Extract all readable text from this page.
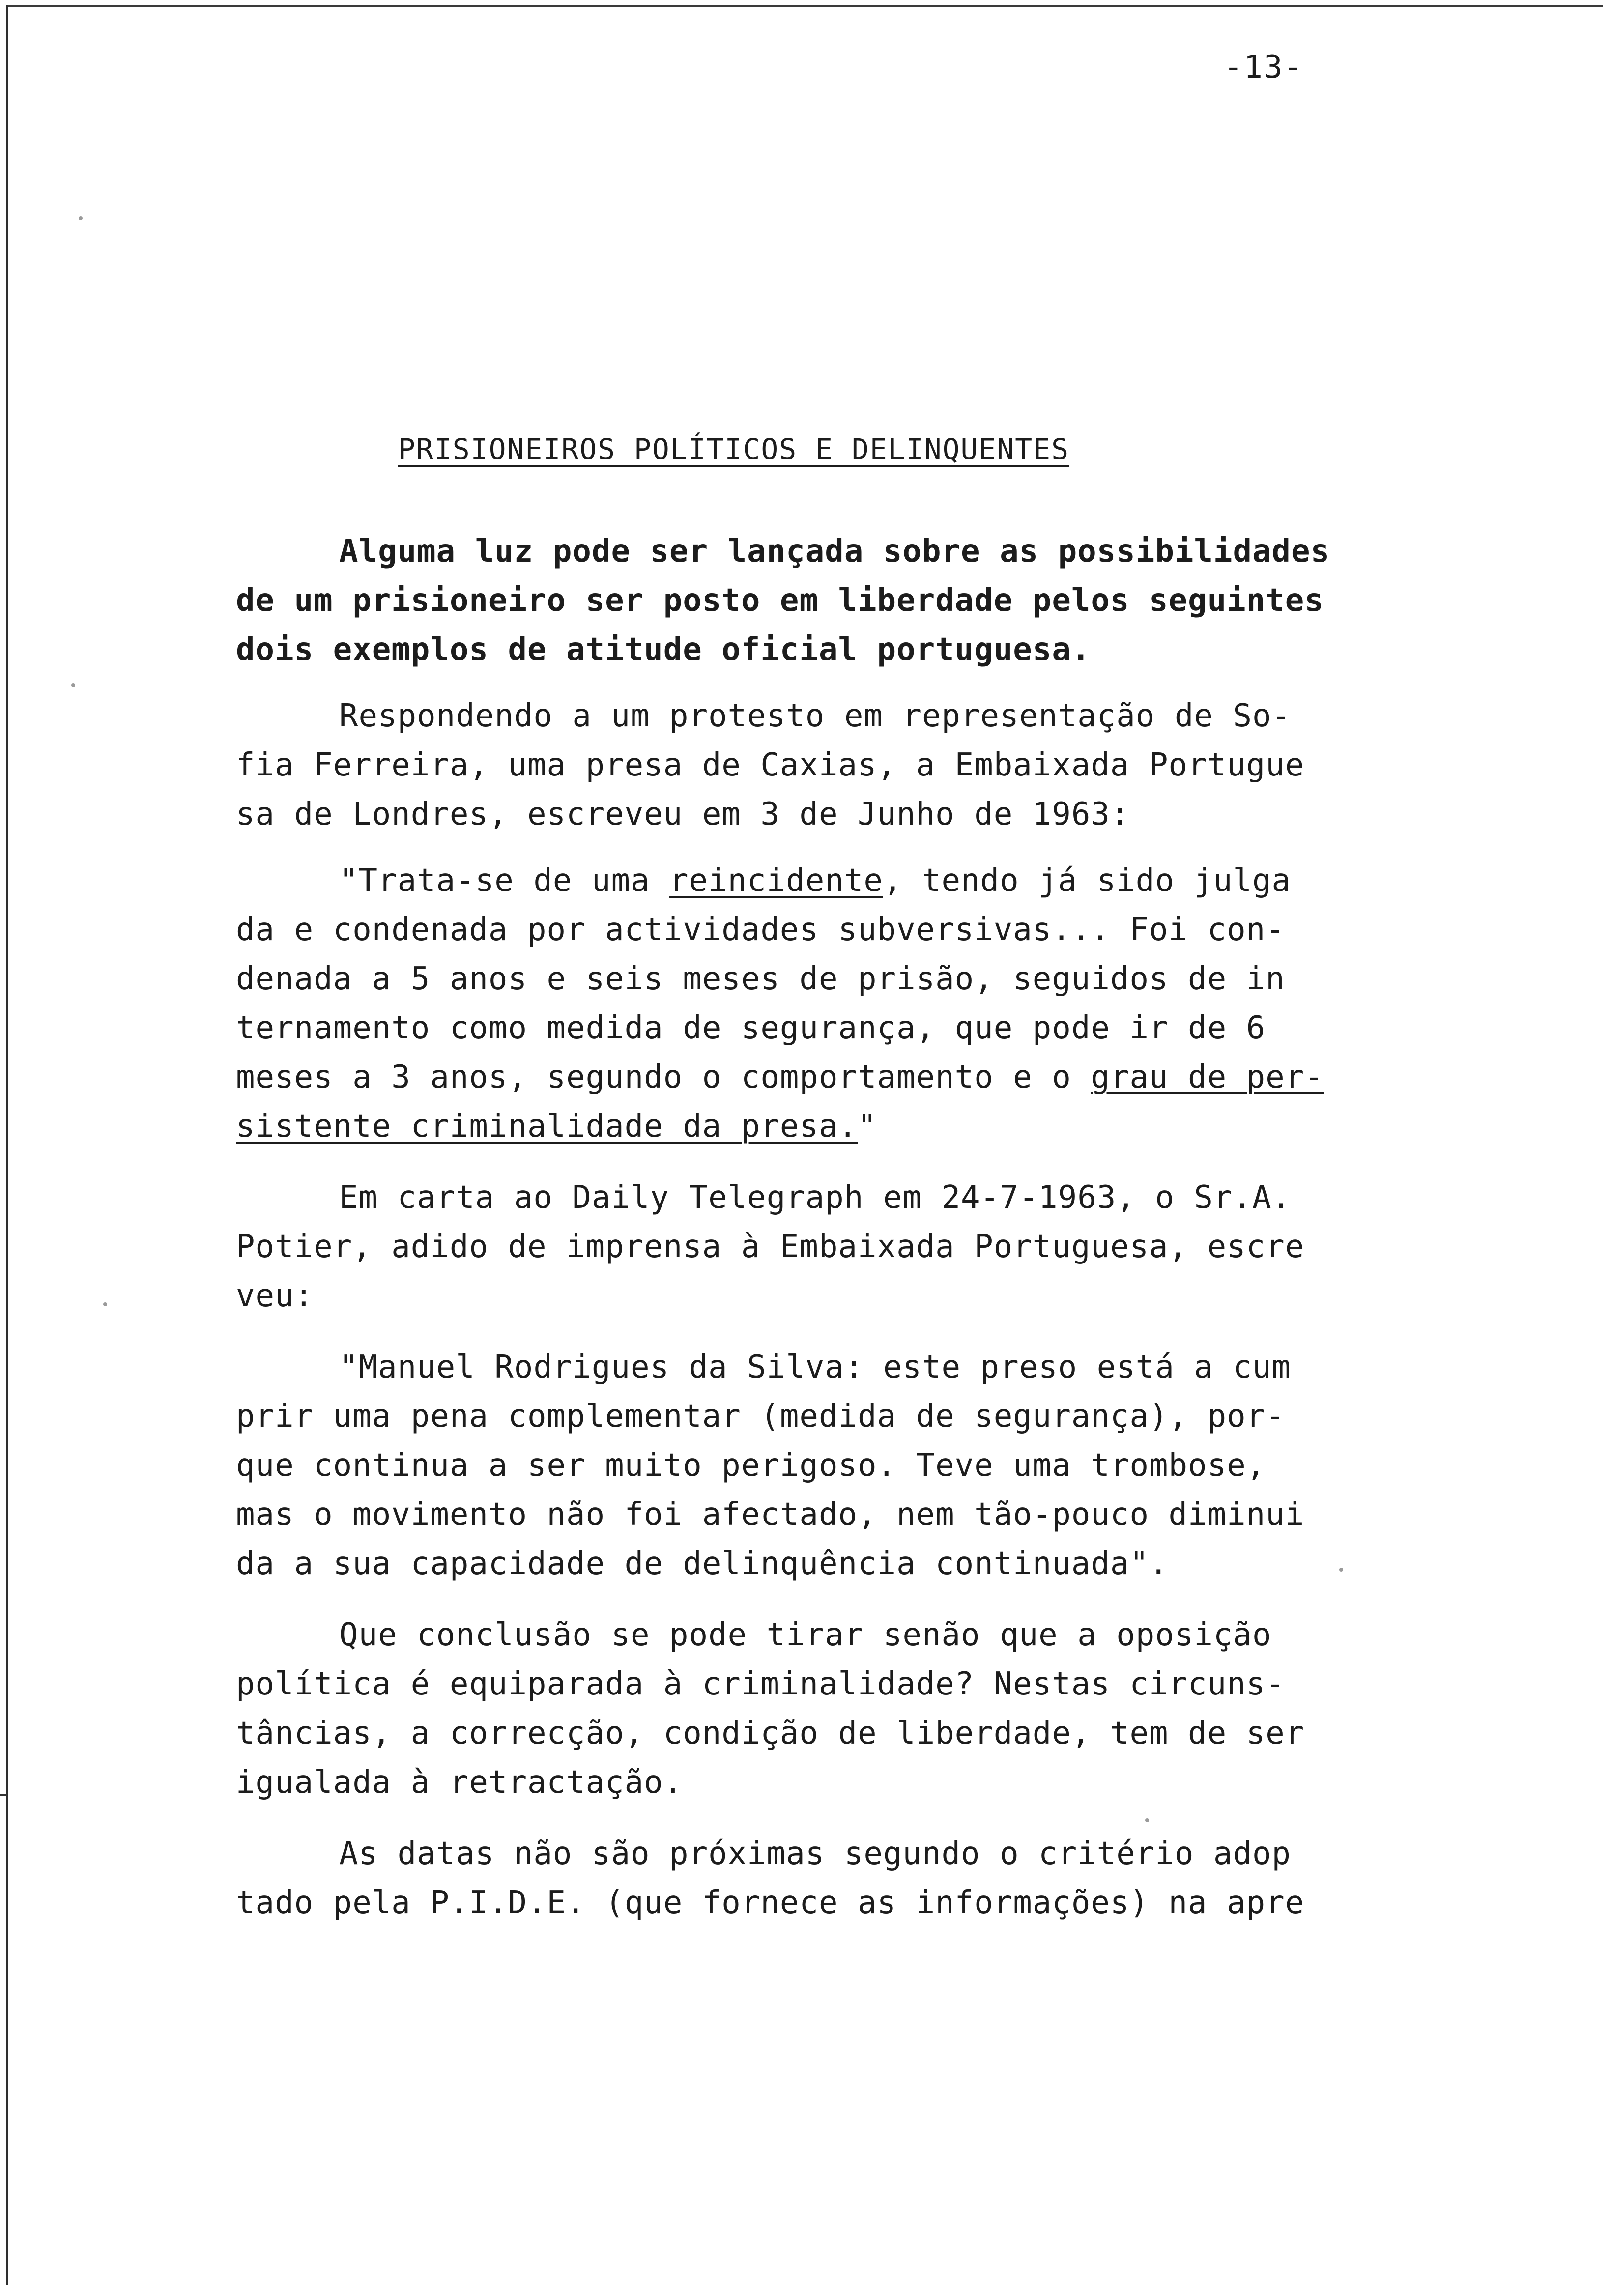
-13-
PRISIONEIROS POLÍTICOS E DELINQUENTES
Alguma luz pode ser lançada sobre as possibilidades
de um prisioneiro ser posto em liberdade pelos seguintes
dois exemplos de atitude oficial portuguesa.
Respondendo a um protesto em representação de So-
fia Ferreira, uma presa de Caxias, a Embaixada Portugue
sa de Londres, escreveu em 3 de Junho de 1963:
"Trata-se de uma reincidente, tendo já sido julga
da e condenada por actividades subversivas... Foi con-
denada a 5 anos e seis meses de prisão, seguidos de in
ternamento como medida de segurança, que pode ir de 6
meses a 3 anos, segundo o comportamento e o grau de per-
sistente criminalidade da presa."
Em carta ao Daily Telegraph em 24-7-1963, o Sr.A.
Potier, adido de imprensa à Embaixada Portuguesa, escre
veu:
"Manuel Rodrigues da Silva: este preso está a cum
prir uma pena complementar (medida de segurança), por-
que continua a ser muito perigoso. Teve uma trombose,
mas o movimento não foi afectado, nem tão-pouco diminui
da a sua capacidade de delinquência continuada".
Que conclusão se pode tirar senão que a oposição
política é equiparada à criminalidade? Nestas circuns-
tâncias, a correcção, condição de liberdade, tem de ser
igualada à retractação.
As datas não são próximas segundo o critério adop
tado pela P.I.D.E. (que fornece as informações) na apre
